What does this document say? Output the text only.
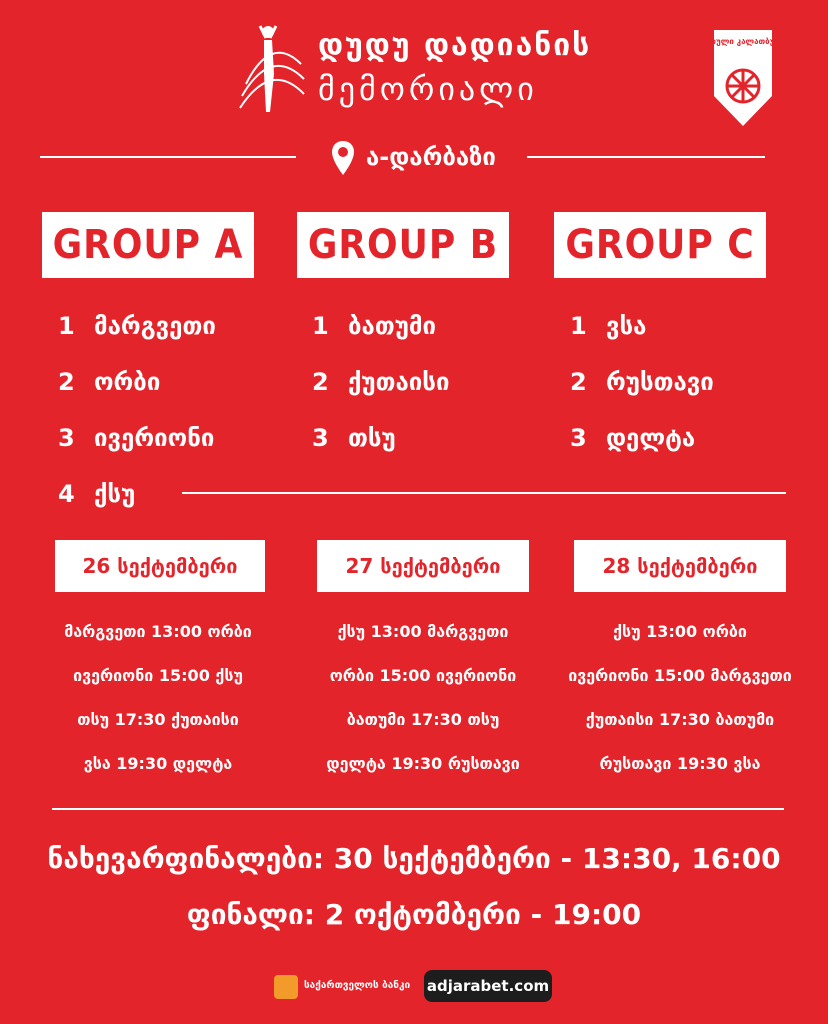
დუდუ დადიანის
მემორიალი
ქართული კალათბურთი
ა-დარბაზი
GROUP A GROUP B GROUP C
1 მარგვეთი
2 ორბი
3 ივერიონი
4 ქსუ
1 ბათუმი
2 ქუთაისი
3 თსუ
1 ვსა
2 რუსთავი
3 დელტა
26 სექტემბერი	27 სექტემბერი	28 სექტემბერი
მარგვეთი 13:00 ორბი
ივერიონი 15:00 ქსუ
თსუ 17:30 ქუთაისი
ვსა 19:30 დელტა
ქსუ 13:00 მარგვეთი
ორბი 15:00 ივერიონი
ბათუმი 17:30 თსუ
დელტა 19:30 რუსთავი
ქსუ 13:00 ორბი
ივერიონი 15:00 მარგვეთი
ქუთაისი 17:30 ბათუმი
რუსთავი 19:30 ვსა
ნახევარფინალები: 30 სექტემბერი - 13:30, 16:00
ფინალი: 2 ოქტომბერი - 19:00
საქართველოს ბანკი adjarabet.com
